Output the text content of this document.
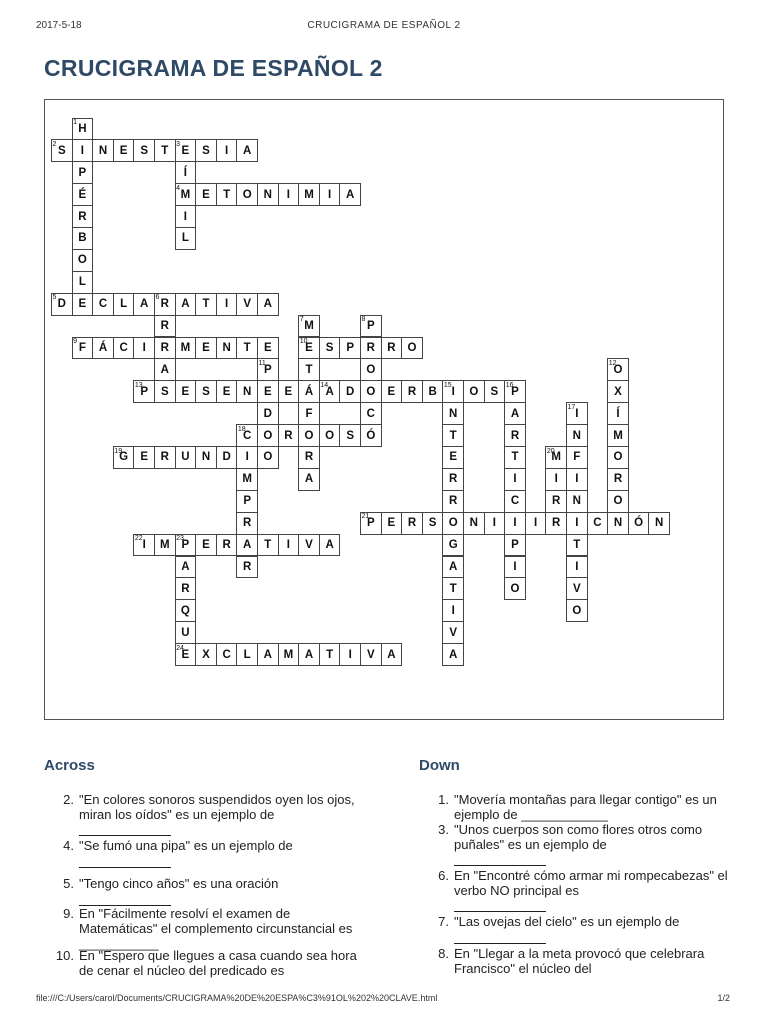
2017-5-18	CRUCIGRAMA DE ESPAÑOL 2
CRUCIGRAMA DE ESPAÑOL 2
H
1
I
P
É
R
B
O
L
E
S
2
N	E	S	T	E
3
S	I	A
Í
M
4
I
L
E	T	O	N	I	M	I	A
D
5
C	L	A	R
6
A	T	I	V	A
R
R
A
S
M
7
E
10
T
Á
F
O
R
A
P
8
R
O
O
C
Ó
F
9
Á	C	I	M	E	N	T	E	S	P	R	O
P
11
E
D
O
O
12
X
Í
M
O
R
O
N
P
13
E	S	E	N	E	A
14
D	E	R	B	I
15
O	S
N
T
E
R
R
O
G
A
T
I
V
A
P
16
A
R
T
I
C
I
P
I
O
I
17
N
F
I
N
I
T
I
V
O
C
18
R	O	S
G
19
E	R	U	N	D	I	O	M
20
I
R
R
P
21
E	R	S	N	I	I	C	Ó	N
I
22
M	P
23
E	R	A	T	I	V	A
A
R
Q
U
E
24
X	C	L	A	M	A	T	I	V	A
M
P
R
R
Across
2. "En colores sonoros suspendidos oyen los ojos, miran los oídos" es un ejemplo de
4. "Se fumó una pipa" es un ejemplo de
5. "Tengo cinco años" es una oración
9. En "Fácilmente resolví el examen de Matemáticas" el complemento circunstancial es ___________
10. En "Espero que llegues a casa cuando sea hora de cenar el núcleo del predicado es
Down
1. "Movería montañas para llegar contigo" es un ejemplo de ____________
3. "Unos cuerpos son como flores otros como puñales" es un ejemplo de
6. En "Encontré cómo armar mi rompecabezas" el verbo NO principal es
7. "Las ovejas del cielo" es un ejemplo de
8. En "Llegar a la meta provocó que celebrara Francisco" el núcleo del
file:///C:/Users/carol/Documents/CRUCIGRAMA%20DE%20ESPA%C3%91OL%202%20CLAVE.html	1/2
